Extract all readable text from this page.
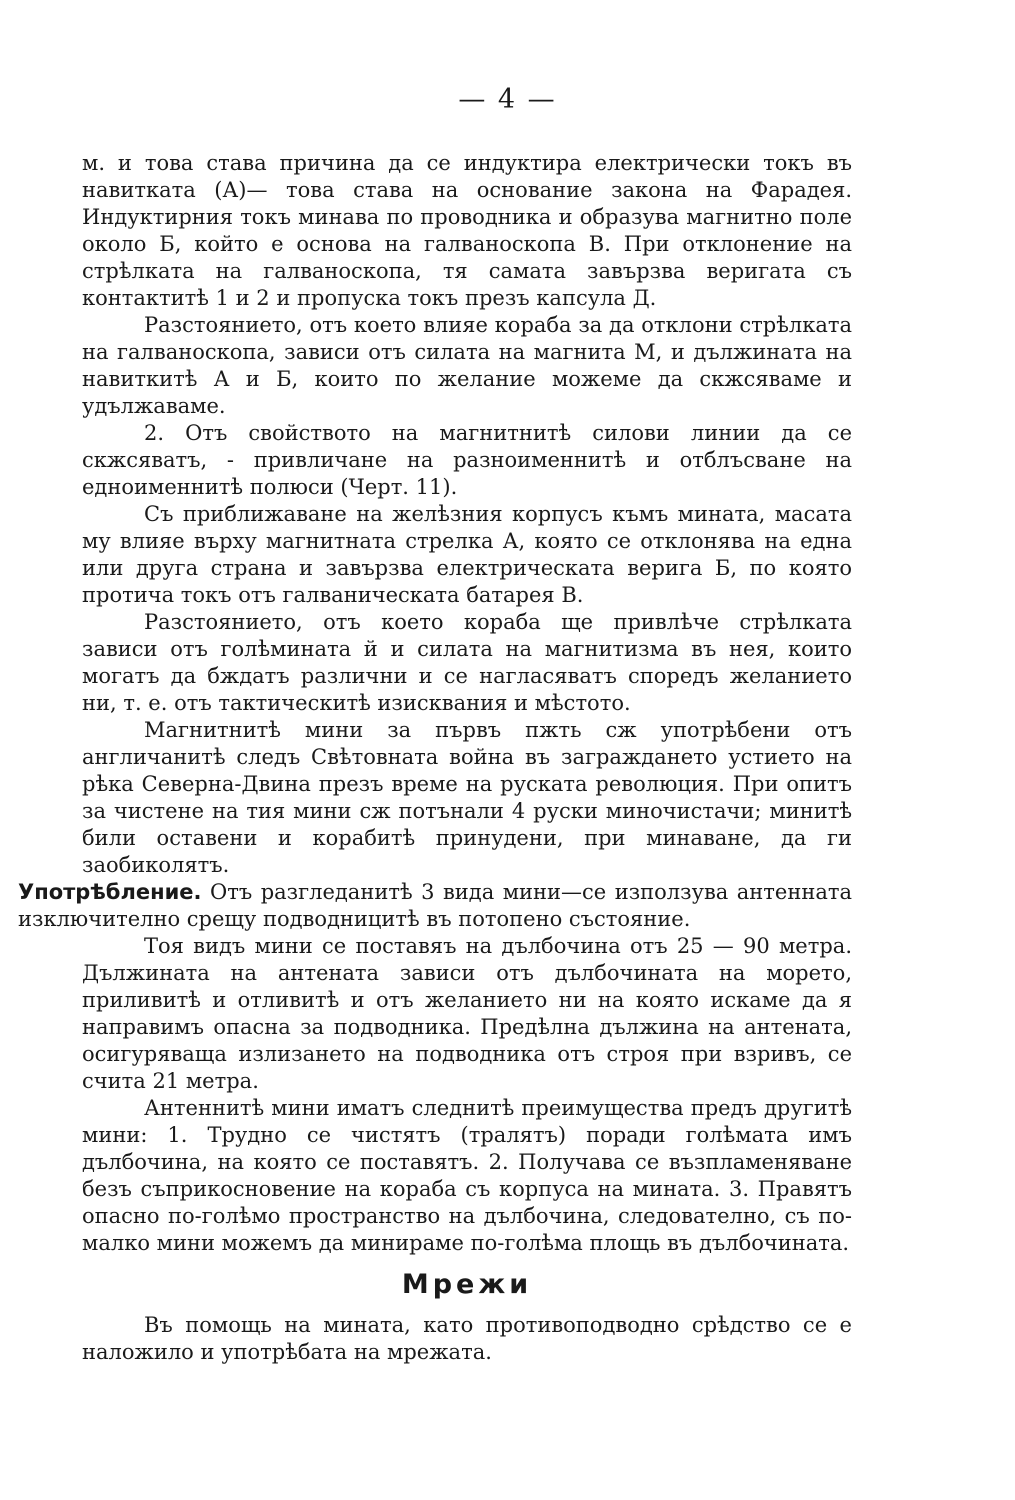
— 4 —

м. и това става причина да се индуктира електрически токъ въ навитката (А)— това става на основание закона на Фарадея. Индуктирния токъ минава по проводника и образува магнитно поле около Б, който е основа на галваноскопа В. При отклонение на стрѣлката на галваноскопа, тя самата завързва веригата съ контактитѣ 1 и 2 и пропуска токъ презъ капсула Д.

Разстоянието, отъ което влияе кораба за да отклони стрѣлката на галваноскопа, зависи отъ силата на магнита М, и дължината на навиткитѣ А и Б, които по желание можеме да скжсяваме и удължаваме.

2. Отъ свойството на магнитнитѣ силови линии да се скжсяватъ, - привличане на разноименнитѣ и отблъсване на едноименнитѣ полюси (Черт. 11).

Съ приближаване на желѣзния корпусъ къмъ мината, масата му влияе върху магнитната стрелка А, която се отклонява на една или друга страна и завързва електрическата верига Б, по която протича токъ отъ галваническата батарея В.

Разстоянието, отъ което кораба ще привлѣче стрѣлката зависи отъ голѣмината й и силата на магнитизма въ нея, които могатъ да бждатъ различни и се нагласяватъ споредъ желанието ни, т. е. отъ тактическитѣ изисквания и мѣстото.

Магнитнитѣ мини за първъ пжть сж употрѣбени отъ англичанитѣ следъ Свѣтовната война въ заграждането устието на рѣка Северна-Двина презъ време на руската революция. При опитъ за чистене на тия мини сж потънали 4 руски миночистачи; минитѣ били оставени и корабитѣ принудени, при минаване, да ги заобиколятъ.

Употрѣбление. Отъ разгледанитѣ 3 вида мини—се използува антенната изключително срещу подводницитѣ въ потопено състояние.

Тоя видъ мини се поставяъ на дълбочина отъ 25 — 90 метра. Дължината на антената зависи отъ дълбочината на морето, приливитѣ и отливитѣ и отъ желанието ни на която искаме да я направимъ опасна за подводника. Предѣлна дължина на антената, осигуряваща излизането на подводника отъ строя при взривъ, се счита 21 метра.

Антеннитѣ мини иматъ следнитѣ преимущества предъ другитѣ мини: 1. Трудно се чистятъ (тралятъ) поради голѣмата имъ дълбочина, на която се поставятъ. 2. Получава се възпламеняване безъ съприкосновение на кораба съ корпуса на мината. 3. Правятъ опасно по-голѣмо пространство на дълбочина, следователно, съ по-малко мини можемъ да минираме по-голѣма площь въ дълбочината.

Мрежи

Въ помощь на мината, като противоподводно срѣдство се е наложило и употрѣбата на мрежата.
